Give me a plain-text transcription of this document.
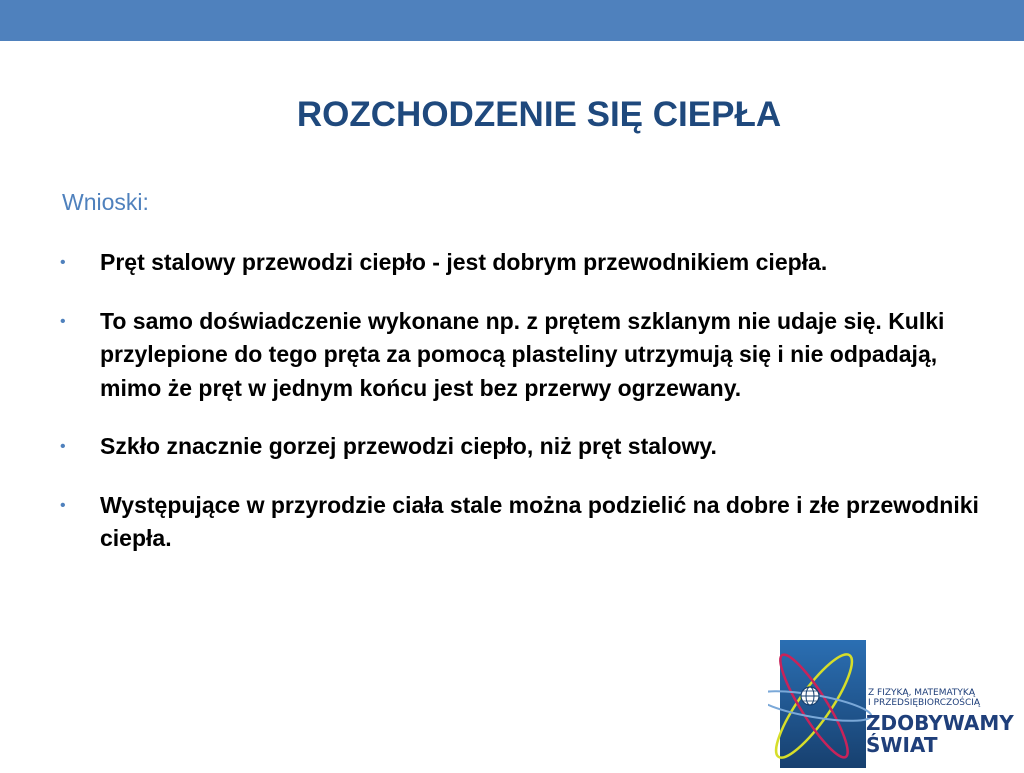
ROZCHODZENIE SIĘ CIEPŁA

Wnioski:

•	Pręt stalowy przewodzi ciepło - jest dobrym przewodnikiem ciepła.
•	To samo doświadczenie wykonane np. z prętem szklanym nie udaje się. Kulki przylepione do tego pręta za pomocą plasteliny utrzymują się i nie odpadają, mimo że pręt w jednym końcu jest bez przerwy ogrzewany.
•	Szkło znacznie gorzej przewodzi ciepło, niż pręt stalowy.
•	Występujące w przyrodzie ciała stale można podzielić na dobre i złe przewodniki ciepła.
Z FIZYKĄ, MATEMATYKĄ
I PRZEDSIĘBIORCZOŚCIĄ
ZDOBYWAMY
ŚWIAT
